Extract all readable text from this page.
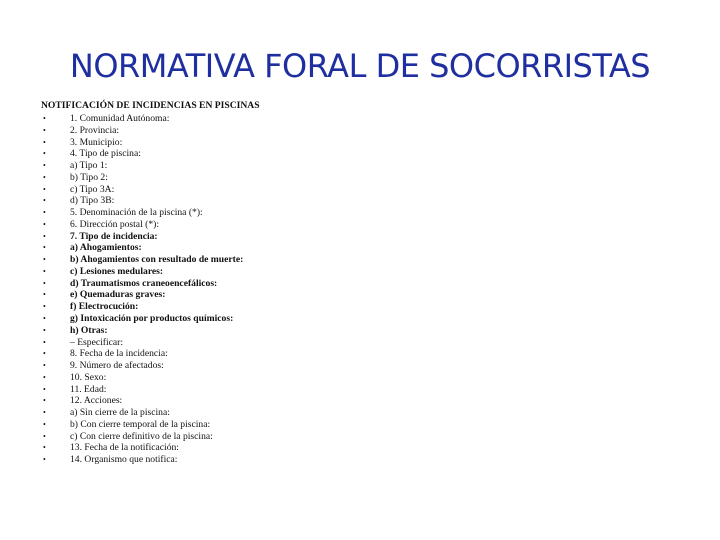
NORMATIVA FORAL DE SOCORRISTAS
NOTIFICACIÓN DE INCIDENCIAS EN PISCINAS
•	1. Comunidad Autónoma:
•	2. Provincia:
•	3. Municipio:
•	4. Tipo de piscina:
•	a) Tipo 1:
•	b) Tipo 2:
•	c) Tipo 3A:
•	d) Tipo 3B:
•	5. Denominación de la piscina (*):
•	6. Dirección postal (*):
•	7. Tipo de incidencia:
•	a) Ahogamientos:
•	b) Ahogamientos con resultado de muerte:
•	c) Lesiones medulares:
•	d) Traumatismos craneoencefálicos:
•	e) Quemaduras graves:
•	f) Electrocución:
•	g) Intoxicación por productos químicos:
•	h) Otras:
•	– Especificar:
•	8. Fecha de la incidencia:
•	9. Número de afectados:
•	10. Sexo:
•	11. Edad:
•	12. Acciones:
•	a) Sin cierre de la piscina:
•	b) Con cierre temporal de la piscina:
•	c) Con cierre definitivo de la piscina:
•	13. Fecha de la notificación:
•	14. Organismo que notifica:
